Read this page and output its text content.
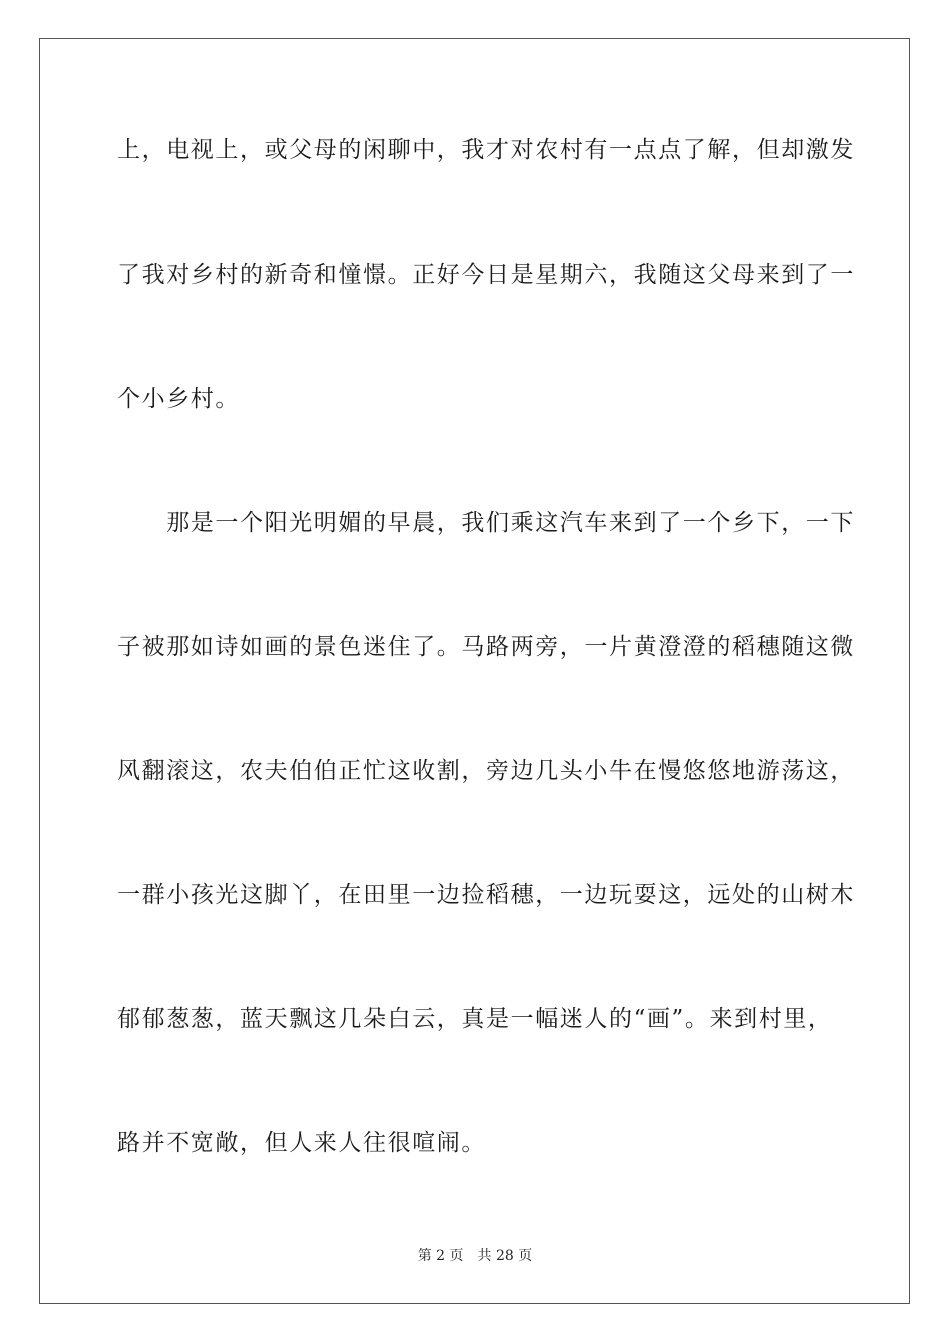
上，电视上，或父母的闲聊中，我才对农村有一点点了解，但却激发
了我对乡村的新奇和憧憬。正好今日是星期六，我随这父母来到了一
个小乡村。
　　那是一个阳光明媚的早晨，我们乘这汽车来到了一个乡下，一下
子被那如诗如画的景色迷住了。马路两旁，一片黄澄澄的稻穗随这微
风翻滚这，农夫伯伯正忙这收割，旁边几头小牛在慢悠悠地游荡这，
一群小孩光这脚丫，在田里一边捡稻穗，一边玩耍这，远处的山树木
郁郁葱葱，蓝天飘这几朵白云，真是一幅迷人的“画”。来到村里，
路并不宽敞，但人来人往很喧闹。
第 2 页　共 28 页
